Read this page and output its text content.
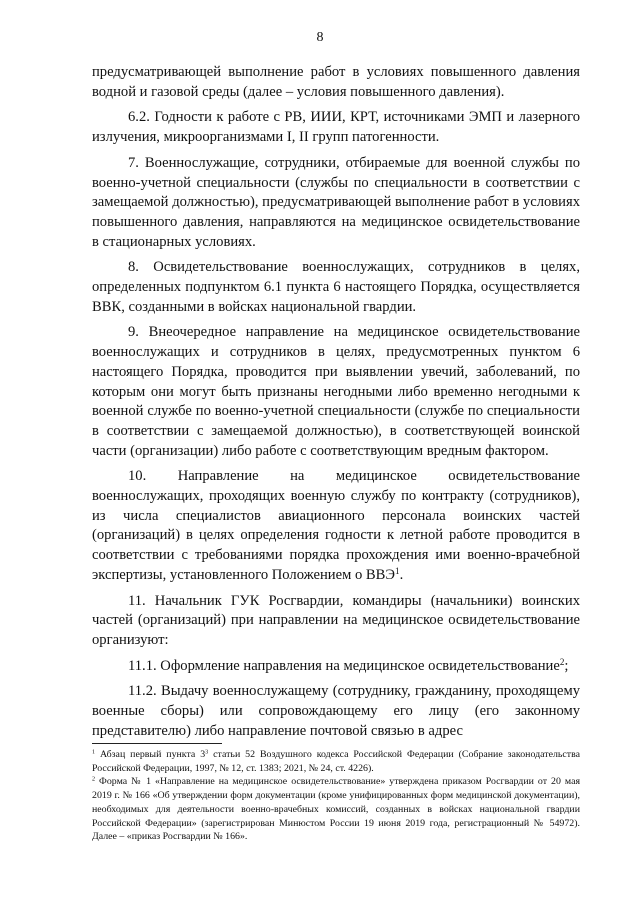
8

предусматривающей выполнение работ в условиях повышенного давления водной и газовой среды (далее – условия повышенного давления).

6.2. Годности к работе с РВ, ИИИ, КРТ, источниками ЭМП и лазерного излучения, микроорганизмами I, II групп патогенности.

7. Военнослужащие, сотрудники, отбираемые для военной службы по военно-учетной специальности (службы по специальности в соответствии с замещаемой должностью), предусматривающей выполнение работ в условиях повышенного давления, направляются на медицинское освидетельствование в стационарных условиях.

8. Освидетельствование военнослужащих, сотрудников в целях, определенных подпунктом 6.1 пункта 6 настоящего Порядка, осуществляется ВВК, созданными в войсках национальной гвардии.

9. Внеочередное направление на медицинское освидетельствование военнослужащих и сотрудников в целях, предусмотренных пунктом 6 настоящего Порядка, проводится при выявлении увечий, заболеваний, по которым они могут быть признаны негодными либо временно негодными к военной службе по военно-учетной специальности (службе по специальности в соответствии с замещаемой должностью), в соответствующей воинской части (организации) либо работе с соответствующим вредным фактором.

10. Направление на медицинское освидетельствование военнослужащих, проходящих военную службу по контракту (сотрудников), из числа специалистов авиационного персонала воинских частей (организаций) в целях определения годности к летной работе проводится в соответствии с требованиями порядка прохождения ими военно-врачебной экспертизы, установленного Положением о ВВЭ$^1$.

11. Начальник ГУК Росгвардии, командиры (начальники) воинских частей (организаций) при направлении на медицинское освидетельствование организуют:

11.1. Оформление направления на медицинское освидетельствование$^2$;

11.2. Выдачу военнослужащему (сотруднику, гражданину, проходящему военные сборы) или сопровождающему его лицу (его законному представителю) либо направление почтовой связью в адрес

$^1$ Абзац первый пункта $3^3$ статьи 52 Воздушного кодекса Российской Федерации (Собрание законодательства Российской Федерации, 1997, № 12, ст. 1383; 2021, № 24, ст. 4226).

$^2$ Форма № 1 «Направление на медицинское освидетельствование» утверждена приказом Росгвардии от 20 мая 2019 г. № 166 «Об утверждении форм документации (кроме унифицированных форм медицинской документации), необходимых для деятельности военно-врачебных комиссий, созданных в войсках национальной гвардии Российской Федерации» (зарегистрирован Минюстом России 19 июня 2019 года, регистрационный № 54972). Далее – «приказ Росгвардии № 166».
